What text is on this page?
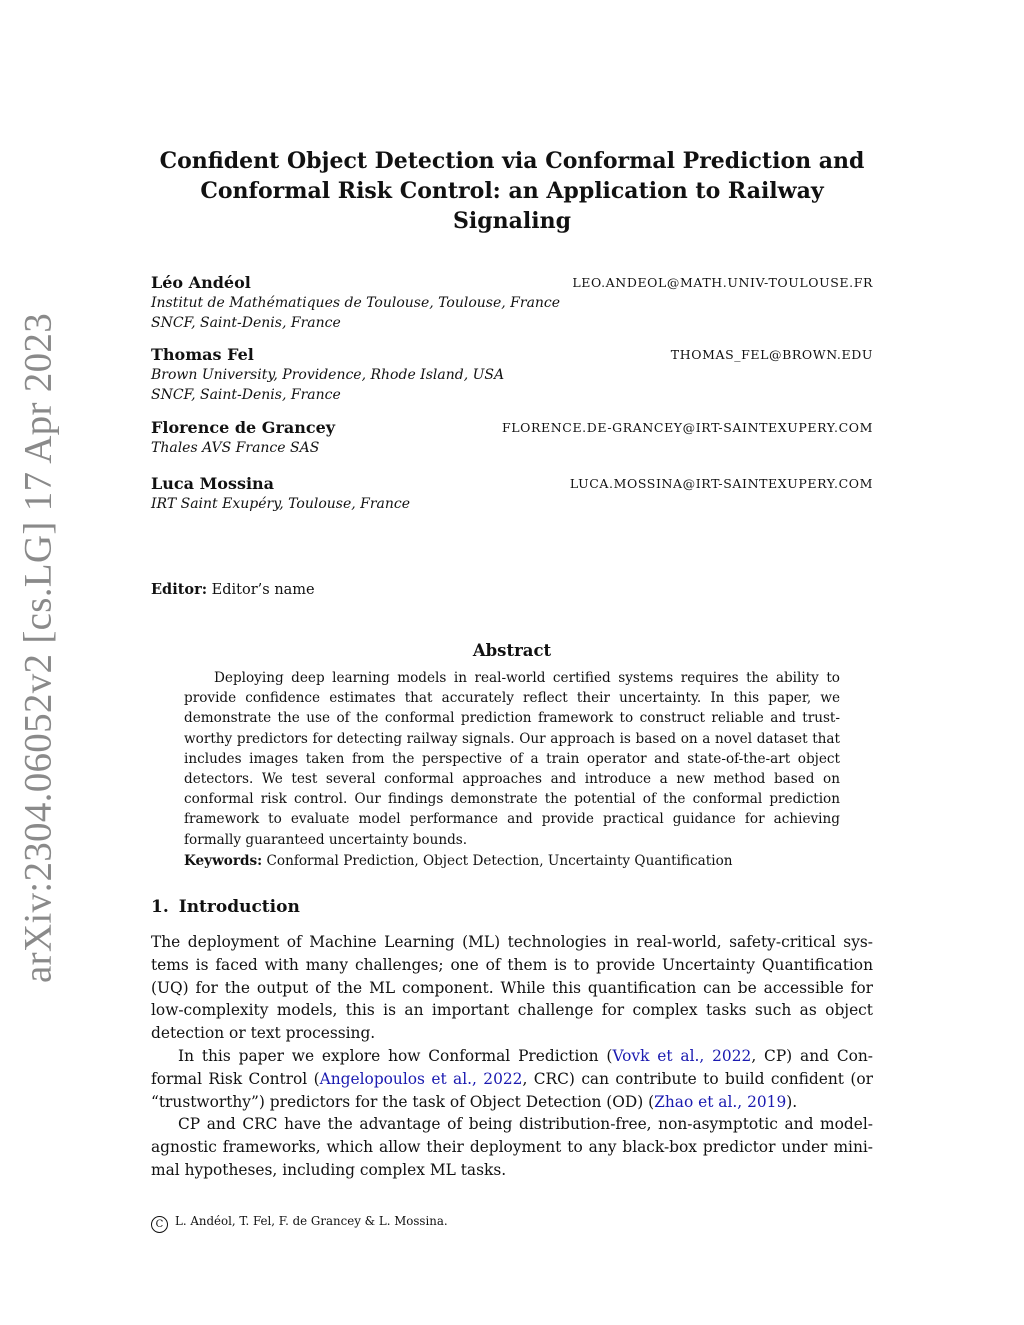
arXiv:2304.06052v2 [cs.LG] 17 Apr 2023
Confident Object Detection via Conformal Prediction and
Conformal Risk Control: an Application to Railway
Signaling
Léo Andéol	LEO.ANDEOL@MATH.UNIV-TOULOUSE.FR
Institut de Mathématiques de Toulouse, Toulouse, France
SNCF, Saint-Denis, France
Thomas Fel	THOMAS_FEL@BROWN.EDU
Brown University, Providence, Rhode Island, USA
SNCF, Saint-Denis, France
Florence de Grancey	FLORENCE.DE-GRANCEY@IRT-SAINTEXUPERY.COM
Thales AVS France SAS
Luca Mossina	LUCA.MOSSINA@IRT-SAINTEXUPERY.COM
IRT Saint Exupéry, Toulouse, France
Editor: Editor’s name
Abstract
Deploying deep learning models in real-world certified systems requires the ability to provide confidence estimates that accurately reflect their uncertainty. In this paper, we demonstrate the use of the conformal prediction framework to construct reliable and trustworthy predictors for detecting railway signals. Our approach is based on a novel dataset that includes images taken from the perspective of a train operator and state-of-the-art object detectors. We test several conformal approaches and introduce a new method based on conformal risk control. Our findings demonstrate the potential of the conformal prediction framework to evaluate model performance and provide practical guidance for achieving formally guaranteed uncertainty bounds.
Keywords: Conformal Prediction, Object Detection, Uncertainty Quantification
1. Introduction

The deployment of Machine Learning (ML) technologies in real-world, safety-critical systems is faced with many challenges; one of them is to provide Uncertainty Quantification (UQ) for the output of the ML component. While this quantification can be accessible for low-complexity models, this is an important challenge for complex tasks such as object detection or text processing.

In this paper we explore how Conformal Prediction (Vovk et al., 2022, CP) and Conformal Risk Control (Angelopoulos et al., 2022, CRC) can contribute to build confident (or “trustworthy”) predictors for the task of Object Detection (OD) (Zhao et al., 2019).

CP and CRC have the advantage of being distribution-free, non-asymptotic and model-agnostic frameworks, which allow their deployment to any black-box predictor under minimal hypotheses, including complex ML tasks.

C L. Andéol, T. Fel, F. de Grancey & L. Mossina.
